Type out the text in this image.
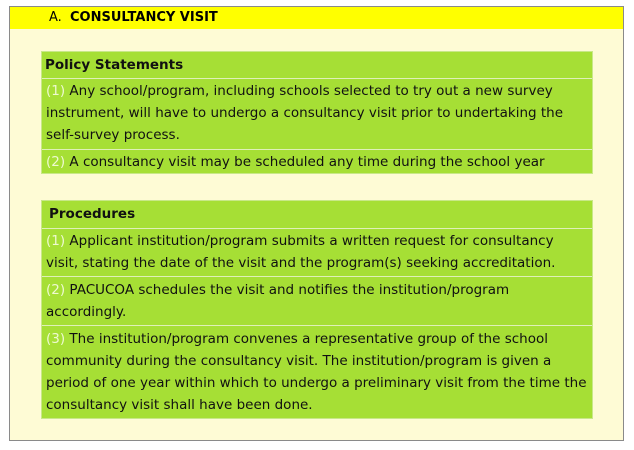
A. CONSULTANCY VISIT
Policy Statements
(1) Any school/program, including schools selected to try out a new survey instrument, will have to undergo a consultancy visit prior to undertaking the self-survey process.
(2) A consultancy visit may be scheduled any time during the school year
Procedures
(1) Applicant institution/program submits a written request for consultancy visit, stating the date of the visit and the program(s) seeking accreditation.
(2) PACUCOA schedules the visit and notifies the institution/program accordingly.
(3) The institution/program convenes a representative group of the school community during the consultancy visit. The institution/program is given a period of one year within which to undergo a preliminary visit from the time the consultancy visit shall have been done.
